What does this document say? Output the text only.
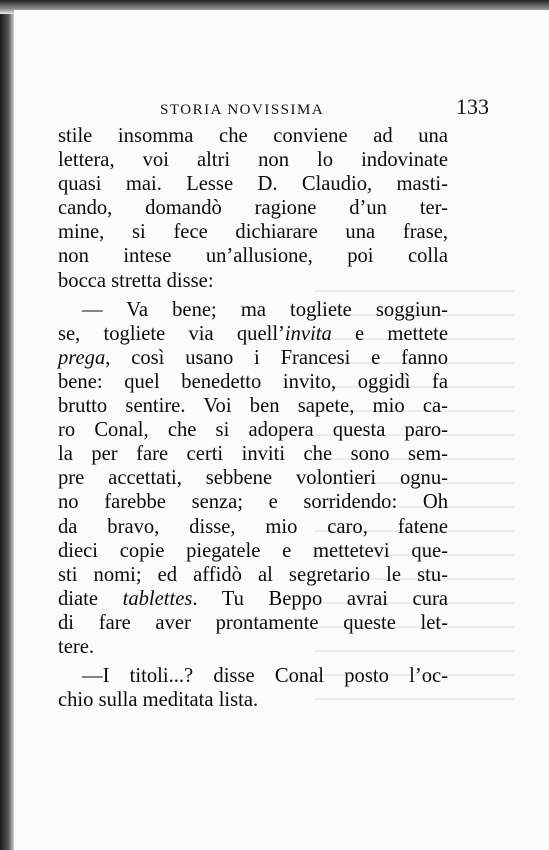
STORIA NOVISSIMA	133
stile insomma che conviene ad una
lettera, voi altri non lo indovinate
quasi mai. Lesse D. Claudio, masti-
cando, domandò ragione d’un ter-
mine, si fece dichiarare una frase,
non intese un’allusione, poi colla
bocca stretta disse:
— Va bene; ma togliete soggiun-
se, togliete via quell’invita e mettete
prega, così usano i Francesi e fanno
bene: quel benedetto invito, oggidì fa
brutto sentire. Voi ben sapete, mio ca-
ro Conal, che si adopera questa paro-
la per fare certi inviti che sono sem-
pre accettati, sebbene volontieri ognu-
no farebbe senza; e sorridendo: Oh
da bravo, disse, mio caro, fatene
dieci copie piegatele e mettetevi que-
sti nomi; ed affidò al segretario le stu-
diate tablettes. Tu Beppo avrai cura
di fare aver prontamente queste let-
tere.
—I titoli...? disse Conal posto l’oc-
chio sulla meditata lista.
